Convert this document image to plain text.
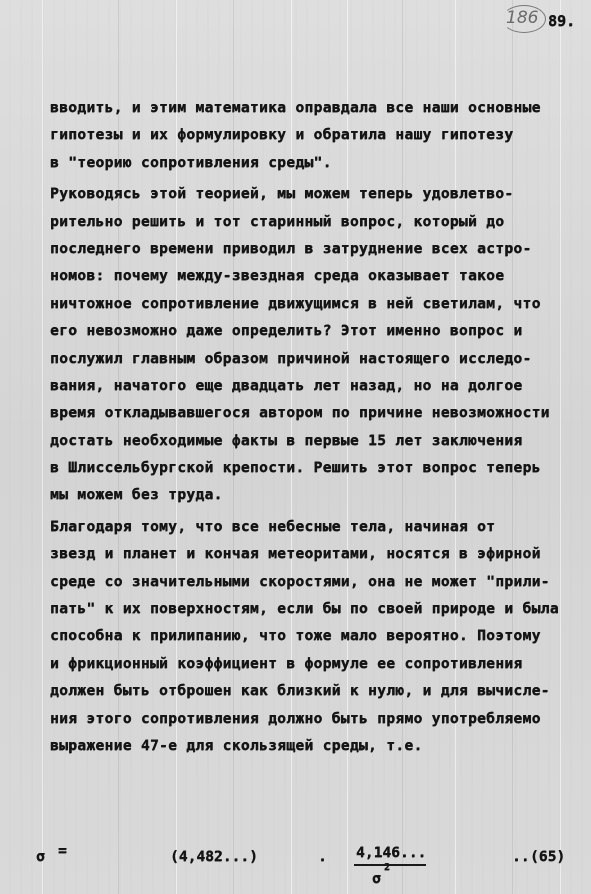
186 89.
вводить, и этим математика оправдала все наши основные
гипотезы и их формулировку и обратила нашу гипотезу
в "теорию сопротивления среды".
Руководясь этой теорией, мы можем теперь удовлетво-
рительно решить и тот старинный вопрос, который до
последнего времени приводил в затруднение всех астро-
номов: почему между-звездная среда оказывает такое
ничтожное сопротивление движущимся в ней светилам, что
его невозможно даже определить? Этот именно вопрос и
послужил главным образом причиной настоящего исследо-
вания, начатого еще двадцать лет назад, но на долгое
время откладывавшегося автором по причине невозможности
достать необходимые факты в первые 15 лет заключения
в Шлиссельбургской крепости. Решить этот вопрос теперь
мы можем без труда.
Благодаря тому, что все небесные тела, начиная от
звезд и планет и кончая метеоритами, носятся в эфирной
среде со значительными скоростями, она не может "прили-
пать" к их поверхностям, если бы по своей природе и была
способна к прилипанию, что тоже мало вероятно. Поэтому
и фрикционный коэффициент в формуле ее сопротивления
должен быть отброшен как близкий к нулю, и для вычисле-
ния этого сопротивления должно быть прямо употребляемо
выражение 47-е для скользящей среды, т.е.
σ =	(4,482...)	. 4,146...
2
σ
.. (65)
